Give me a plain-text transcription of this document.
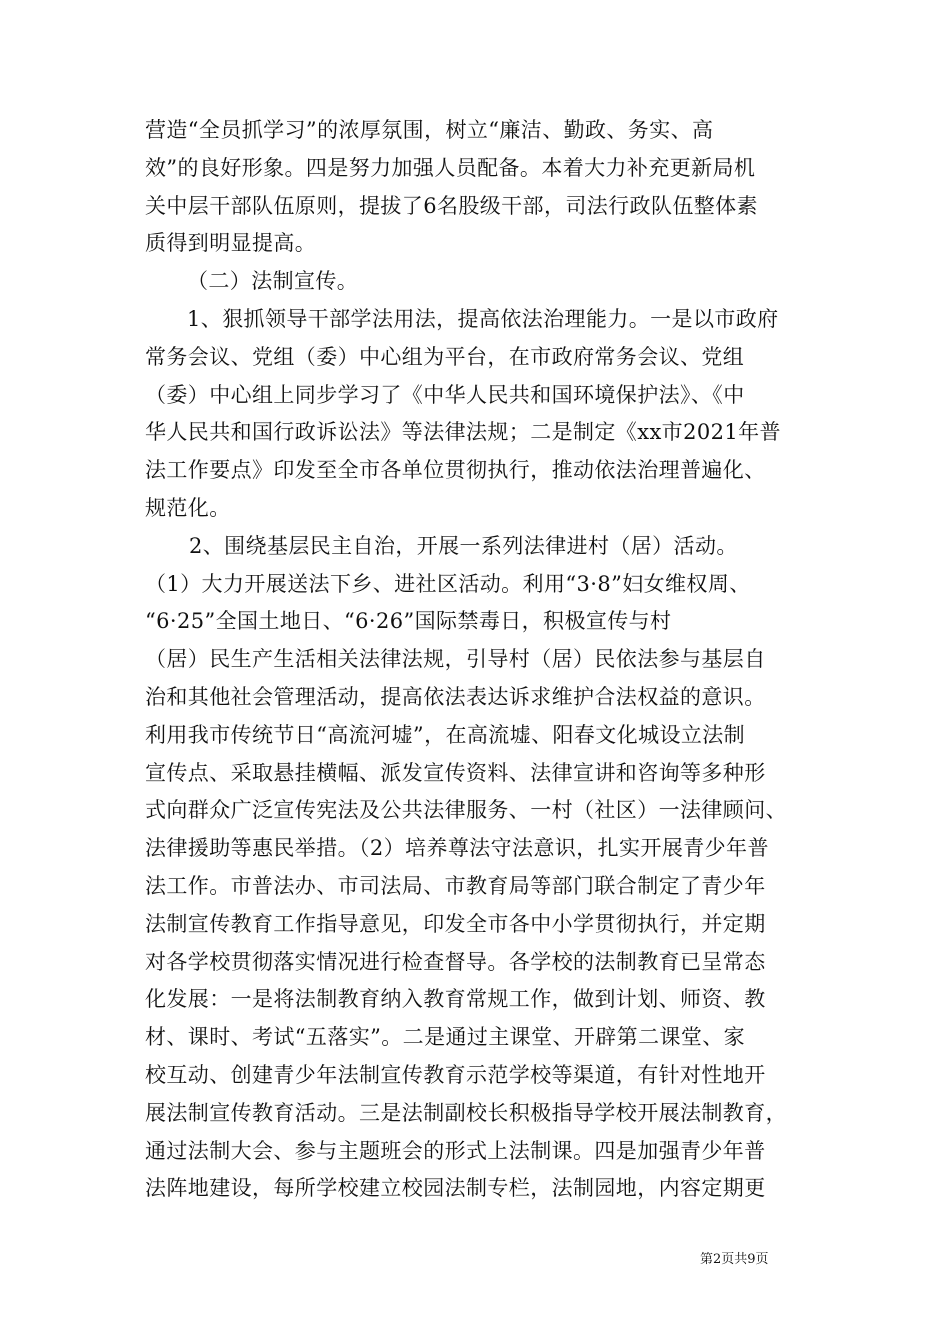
营造“全员抓学习”的浓厚氛围，树立“廉洁、勤政、务实、高
效”的良好形象。四是努力加强人员配备。本着大力补充更新局机
关中层干部队伍原则，提拔了6名股级干部，司法行政队伍整体素
质得到明显提高。
（二）法制宣传。
1、狠抓领导干部学法用法，提高依法治理能力。一是以市政府
常务会议、党组（委）中心组为平台，在市政府常务会议、党组
（委）中心组上同步学习了《中华人民共和国环境保护法》、《中
华人民共和国行政诉讼法》等法律法规；二是制定《xx市2021年普
法工作要点》印发至全市各单位贯彻执行，推动依法治理普遍化、
规范化。
2、围绕基层民主自治，开展一系列法律进村（居）活动。
（1）大力开展送法下乡、进社区活动。利用“3·8”妇女维权周、
“6·25”全国土地日、“6·26”国际禁毒日，积极宣传与村
（居）民生产生活相关法律法规，引导村（居）民依法参与基层自
治和其他社会管理活动，提高依法表达诉求维护合法权益的意识。
利用我市传统节日“高流河墟”，在高流墟、阳春文化城设立法制
宣传点、采取悬挂横幅、派发宣传资料、法律宣讲和咨询等多种形
式向群众广泛宣传宪法及公共法律服务、一村（社区）一法律顾问、
法律援助等惠民举措。（2）培养尊法守法意识，扎实开展青少年普
法工作。市普法办、市司法局、市教育局等部门联合制定了青少年
法制宣传教育工作指导意见，印发全市各中小学贯彻执行，并定期
对各学校贯彻落实情况进行检查督导。各学校的法制教育已呈常态
化发展：一是将法制教育纳入教育常规工作，做到计划、师资、教
材、课时、考试“五落实”。二是通过主课堂、开辟第二课堂、家
校互动、创建青少年法制宣传教育示范学校等渠道，有针对性地开
展法制宣传教育活动。三是法制副校长积极指导学校开展法制教育，
通过法制大会、参与主题班会的形式上法制课。四是加强青少年普
法阵地建设，每所学校建立校园法制专栏，法制园地，内容定期更
第2页共9页
